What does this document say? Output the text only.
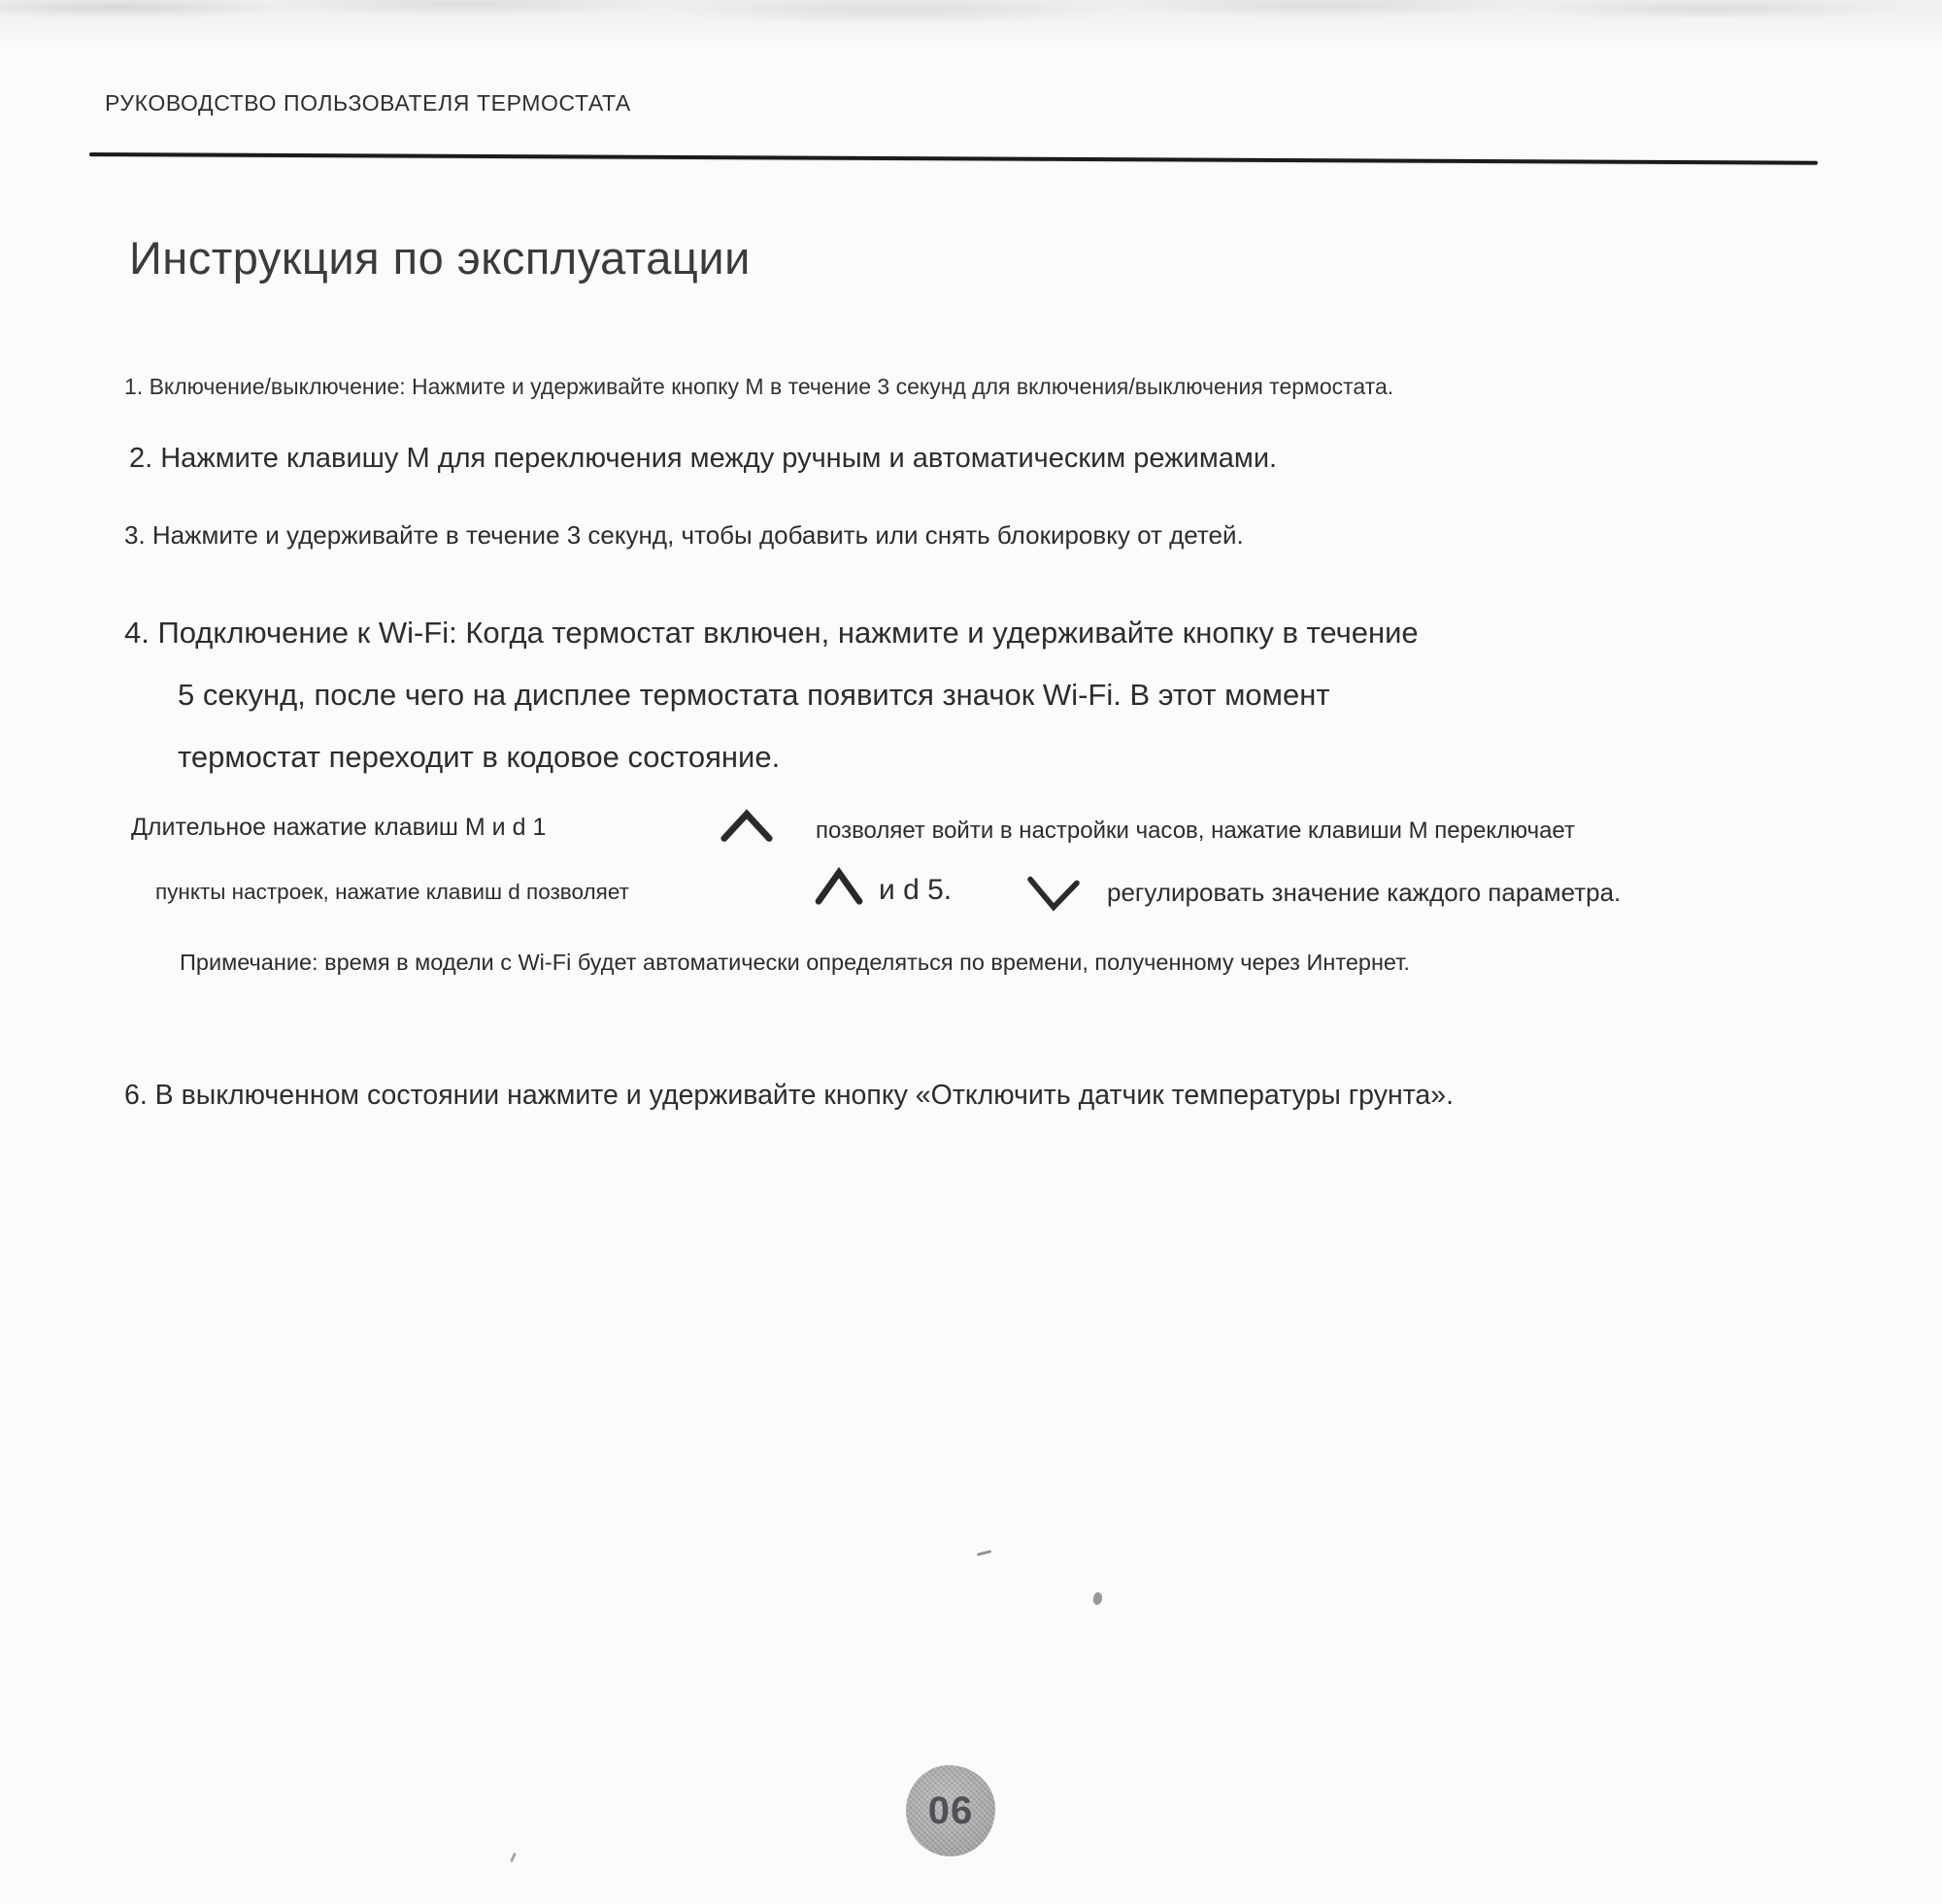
РУКОВОДСТВО ПОЛЬЗОВАТЕЛЯ ТЕРМОСТАТА
Инструкция по эксплуатации
1. Включение/выключение: Нажмите и удерживайте кнопку M в течение 3 секунд для включения/выключения термостата.
2. Нажмите клавишу M для переключения между ручным и автоматическим режимами.
3. Нажмите и удерживайте в течение 3 секунд, чтобы добавить или снять блокировку от детей.
4. Подключение к Wi-Fi: Когда термостат включен, нажмите и удерживайте кнопку в течение
5 секунд, после чего на дисплее термостата появится значок Wi-Fi. В этот момент
термостат переходит в кодовое состояние.
Длительное нажатие клавиш M и d 1	позволяет войти в настройки часов, нажатие клавиши M переключает
пункты настроек, нажатие клавиш d позволяет	и d 5.	регулировать значение каждого параметра.
Примечание: время в модели с Wi-Fi будет автоматически определяться по времени, полученному через Интернет.
6. В выключенном состоянии нажмите и удерживайте кнопку «Отключить датчик температуры грунта».
06
